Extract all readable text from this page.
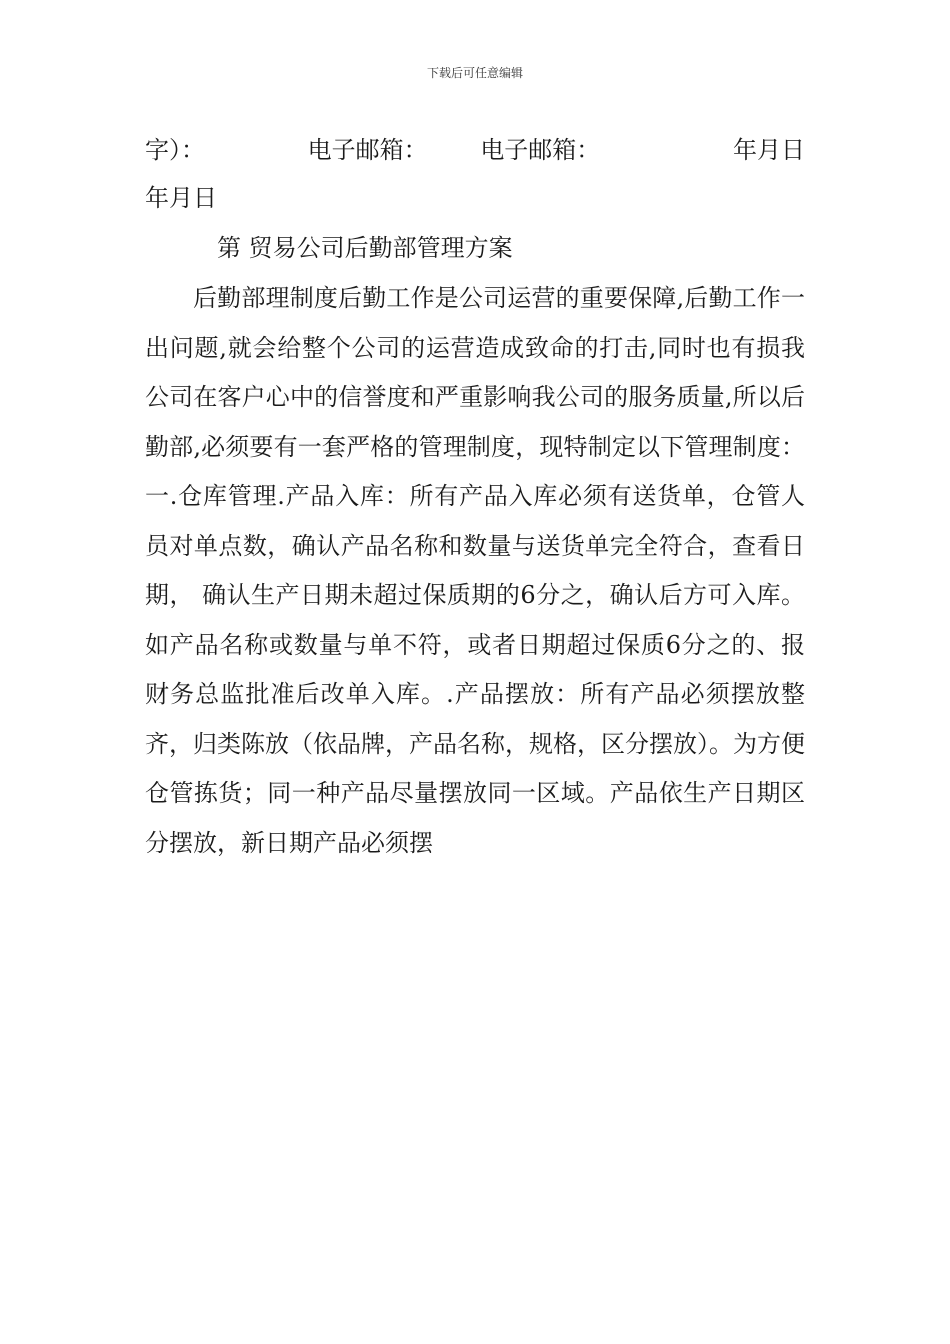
下载后可任意编辑
字）：	电子邮箱： 电子邮箱：	年月日
年月日
第 贸易公司后勤部管理方案
后勤部理制度后勤工作是公司运营的重要保障,后勤工作一出问题,就会给整个公司的运营造成致命的打击,同时也有损我公司在客户心中的信誉度和严重影响我公司的服务质量,所以后勤部,必须要有一套严格的管理制度，现特制定以下管理制度：一.仓库管理.产品入库：所有产品入库必须有送货单，仓管人员对单点数，确认产品名称和数量与送货单完全符合，查看日期， 确认生产日期未超过保质期的6分之，确认后方可入库。如产品名称或数量与单不符，或者日期超过保质6分之的、报财务总监批准后改单入库。.产品摆放：所有产品必须摆放整齐，归类陈放（依品牌，产品名称，规格，区分摆放）。为方便仓管拣货；同一种产品尽量摆放同一区域。产品依生产日期区分摆放，新日期产品必须摆
